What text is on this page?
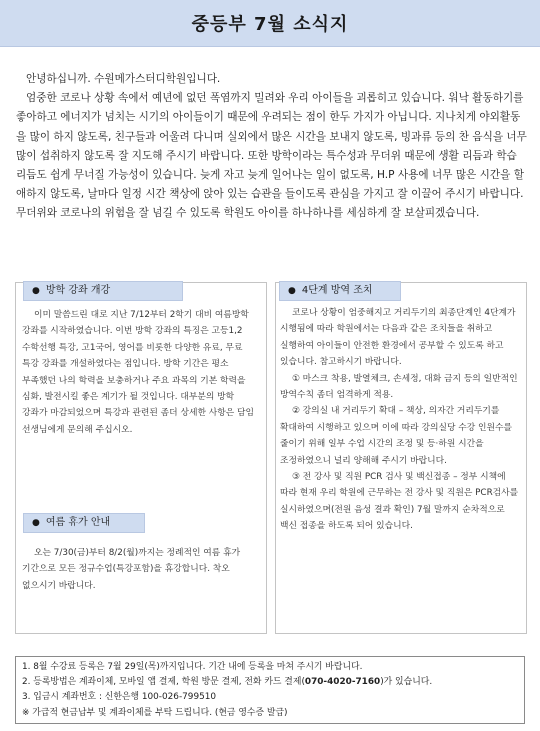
중등부 7월 소식지

안녕하십니까. 수원메가스터디학원입니다.

엄중한 코로나 상황 속에서 예년에 없던 폭염까지 밀려와 우리 아이들을 괴롭히고 있습니다. 워낙 활동하기를 좋아하고 에너지가 넘치는 시기의 아이들이기 때문에 우려되는 점이 한두 가지가 아닙니다. 지나치게 야외활동을 많이 하지 않도록, 친구들과 어울려 다니며 실외에서 많은 시간을 보내지 않도록, 빙과류 등의 찬 음식을 너무 많이 섭취하지 않도록 잘 지도해 주시기 바랍니다. 또한 방학이라는 특수성과 무더위 때문에 생활 리듬과 학습 리듬도 쉽게 무너질 가능성이 있습니다. 늦게 자고 늦게 일어나는 일이 없도록, H.P 사용에 너무 많은 시간을 할애하지 않도록, 날마다 일정 시간 책상에 앉아 있는 습관을 들이도록 관심을 가지고 잘 이끌어 주시기 바랍니다. 무더위와 코로나의 위험을 잘 넘길 수 있도록 학원도 아이를 하나하나를 세심하게 잘 보살피겠습니다.

● 방학 강좌 개강

이미 말씀드린 대로 지난 7/12부터 2학기 대비 여름방학 강좌를 시작하였습니다. 이번 방학 강좌의 특징은 고등1,2 수학선행 특강, 고1국어, 영어를 비롯한 다양한 유료, 무료 특강 강좌를 개설하였다는 점입니다. 방학 기간은 평소 부족했던 나의 학력을 보충하거나 주요 과목의 기본 학력을 심화, 발전시킬 좋은 계기가 될 것입니다. 대부분의 방학 강좌가 마감되었으며 특강과 관련된 좀더 상세한 사항은 담임 선생님에게 문의해 주십시오.

● 여름 휴가 안내

오는 7/30(금)부터 8/2(월)까지는 정례적인 여름 휴가 기간으로 모든 정규수업(특강포함)을 휴강합니다. 착오 없으시기 바랍니다.

● 4단계 방역 조치

코로나 상황이 엄중해지고 거리두기의 최종단계인 4단계가 시행됨에 따라 학원에서는 다음과 같은 조치들을 취하고 실행하여 아이들이 안전한 환경에서 공부할 수 있도록 하고 있습니다. 참고하시기 바랍니다.

① 마스크 착용, 발열체크, 손세정, 대화 금지 등의 일반적인 방역수칙 좀더 엄격하게 적용.

② 강의실 내 거리두기 확대 – 책상, 의자간 거리두기를 확대하여 시행하고 있으며 이에 따라 강의실당 수강 인원수를 줄이기 위해 일부 수업 시간의 조정 및 등·하원 시간을 조정하였으니 널리 양해해 주시기 바랍니다.

③ 전 강사 및 직원 PCR 검사 및 백신접종 – 정부 시책에 따라 현재 우리 학원에 근무하는 전 강사 및 직원은 PCR검사를 실시하였으며(전원 음성 결과 확인) 7월 말까지 순차적으로 백신 접종을 하도록 되어 있습니다.

1. 8월 수강료 등록은 7월 29일(목)까지입니다. 기간 내에 등록을 마쳐 주시기 바랍니다.
2. 등록방법은 계좌이체, 모바일 앱 결제, 학원 방문 결제, 전화 카드 결제(070-4020-7160)가 있습니다.
3. 입금시 계좌번호 : 신한은행 100-026-799510
※ 가급적 현금납부 및 계좌이체를 부탁 드립니다. (현금 영수증 발급)
